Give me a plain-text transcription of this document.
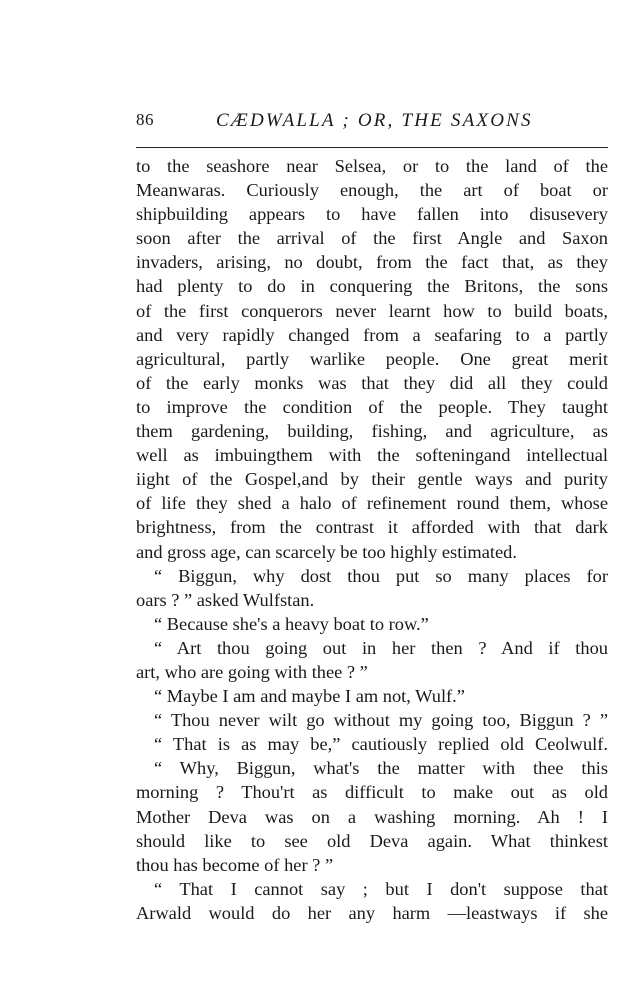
86	CÆDWALLA ; OR, THE SAXONS
to the seashore near Selsea, or to the land of the
Meanwaras. Curiously enough, the art of boat or
shipbuilding appears to have fallen into disusevery
soon after the arrival of the first Angle and Saxon
invaders, arising, no doubt, from the fact that, as they
had plenty to do in conquering the Britons, the sons
of the first conquerors never learnt how to build boats,
and very rapidly changed from a seafaring to a partly
agricultural, partly warlike people. One great merit
of the early monks was that they did all they could
to improve the condition of the people. They taught
them gardening, building, fishing, and agriculture, as
well as imbuingthem with the softeningand intellectual
iight of the Gospel,and by their gentle ways and purity
of life they shed a halo of refinement round them, whose
brightness, from the contrast it afforded with that dark
and gross age, can scarcely be too highly estimated.
“ Biggun, why dost thou put so many places for
oars ? ” asked Wulfstan.
“ Because she's a heavy boat to row.”
“ Art thou going out in her then ? And if thou
art, who are going with thee ? ”
“ Maybe I am and maybe I am not, Wulf.”
“ Thou never wilt go without my going too, Biggun ? ”
“ That is as may be,” cautiously replied old Ceolwulf.
“ Why, Biggun, what's the matter with thee this
morning ? Thou'rt as difficult to make out as old
Mother Deva was on a washing morning. Ah ! I
should like to see old Deva again. What thinkest
thou has become of her ? ”
“ That I cannot say ; but I don't suppose that
Arwald would do her any harm —leastways if she
